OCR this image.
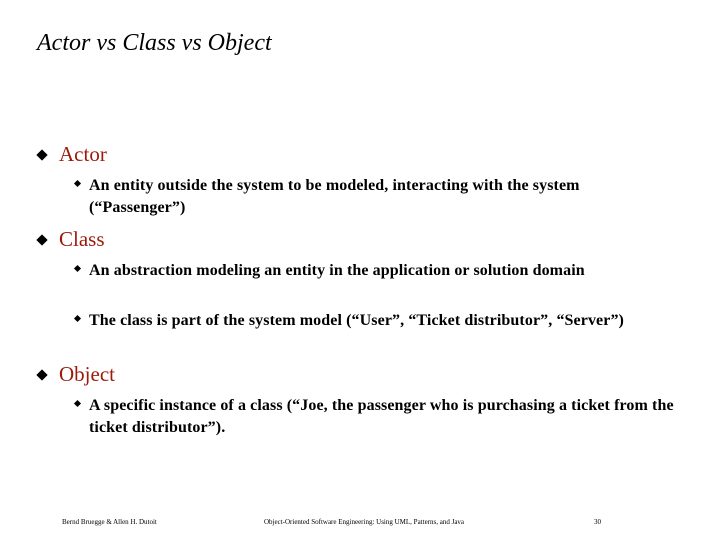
Actor vs Class vs Object
Actor
An entity outside the system to be modeled, interacting with the system (“Passenger”)
Class
An abstraction modeling an entity in the application or solution domain
The class is part of the system model (“User”, “Ticket distributor”, “Server”)
Object
A specific instance of a class (“Joe, the passenger who is purchasing a ticket from the ticket distributor”).
Bernd Bruegge & Allen H. Dutoit	Object-Oriented Software Engineering: Using UML, Patterns, and Java	30
